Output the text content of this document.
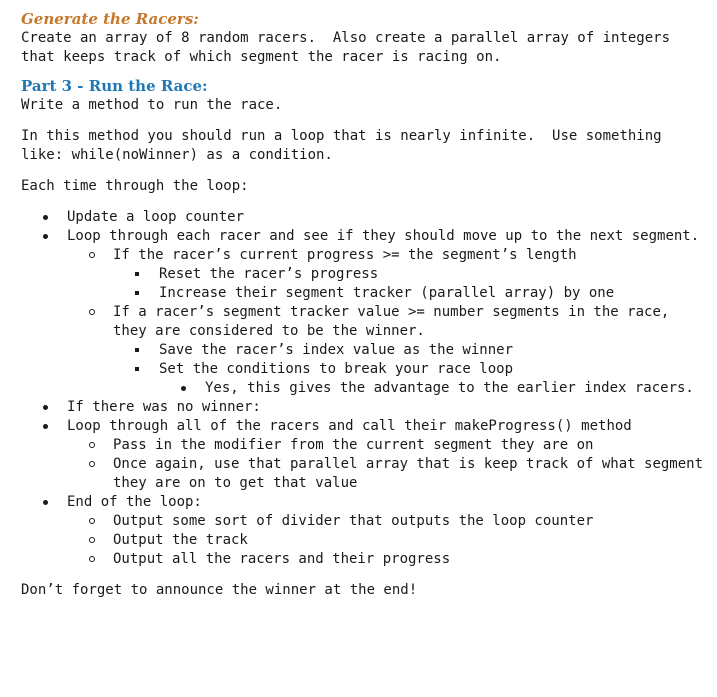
Generate the Racers:

Create an array of 8 random racers.  Also create a parallel array of integers
that keeps track of which segment the racer is racing on.

Part 3 - Run the Race:

Write a method to run the race.

In this method you should run a loop that is nearly infinite.  Use something
like: while(noWinner) as a condition.

Each time through the loop:

Update a loop counter
Loop through each racer and see if they should move up to the next segment.
If the racer’s current progress >= the segment’s length
Reset the racer’s progress
Increase their segment tracker (parallel array) by one
If a racer’s segment tracker value >= number segments in the race,
they are considered to be the winner.
Save the racer’s index value as the winner
Set the conditions to break your race loop
Yes, this gives the advantage to the earlier index racers.
If there was no winner:
Loop through all of the racers and call their makeProgress() method
Pass in the modifier from the current segment they are on
Once again, use that parallel array that is keep track of what segment
they are on to get that value
End of the loop:
Output some sort of divider that outputs the loop counter
Output the track
Output all the racers and their progress

Don’t forget to announce the winner at the end!
